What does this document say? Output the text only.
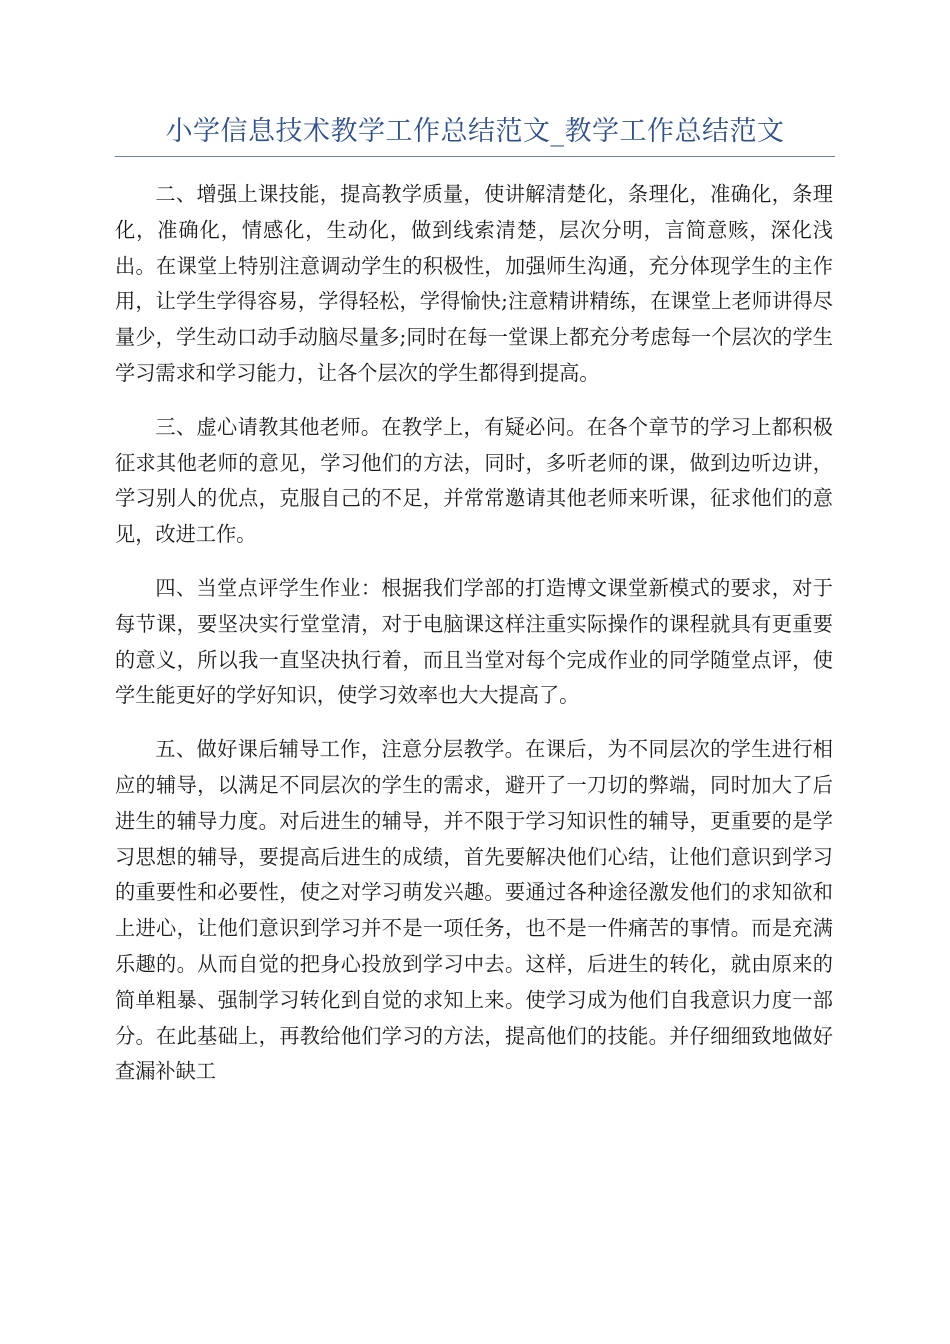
小学信息技术教学工作总结范文_教学工作总结范文

二、增强上课技能，提高教学质量，使讲解清楚化，条理化，准确化，条理化，准确化，情感化，生动化，做到线索清楚，层次分明，言简意赅，深化浅出。在课堂上特别注意调动学生的积极性，加强师生沟通，充分体现学生的主作用，让学生学得容易，学得轻松，学得愉快;注意精讲精练，在课堂上老师讲得尽量少，学生动口动手动脑尽量多;同时在每一堂课上都充分考虑每一个层次的学生学习需求和学习能力，让各个层次的学生都得到提高。

三、虚心请教其他老师。在教学上，有疑必问。在各个章节的学习上都积极征求其他老师的意见，学习他们的方法，同时，多听老师的课，做到边听边讲，学习别人的优点，克服自己的不足，并常常邀请其他老师来听课，征求他们的意见，改进工作。

四、当堂点评学生作业：根据我们学部的打造博文课堂新模式的要求，对于每节课，要坚决实行堂堂清，对于电脑课这样注重实际操作的课程就具有更重要的意义，所以我一直坚决执行着，而且当堂对每个完成作业的同学随堂点评，使学生能更好的学好知识，使学习效率也大大提高了。

五、做好课后辅导工作，注意分层教学。在课后，为不同层次的学生进行相应的辅导，以满足不同层次的学生的需求，避开了一刀切的弊端，同时加大了后进生的辅导力度。对后进生的辅导，并不限于学习知识性的辅导，更重要的是学习思想的辅导，要提高后进生的成绩，首先要解决他们心结，让他们意识到学习的重要性和必要性，使之对学习萌发兴趣。要通过各种途径激发他们的求知欲和上进心，让他们意识到学习并不是一项任务，也不是一件痛苦的事情。而是充满乐趣的。从而自觉的把身心投放到学习中去。这样，后进生的转化，就由原来的简单粗暴、强制学习转化到自觉的求知上来。使学习成为他们自我意识力度一部分。在此基础上，再教给他们学习的方法，提高他们的技能。并仔细细致地做好查漏补缺工
